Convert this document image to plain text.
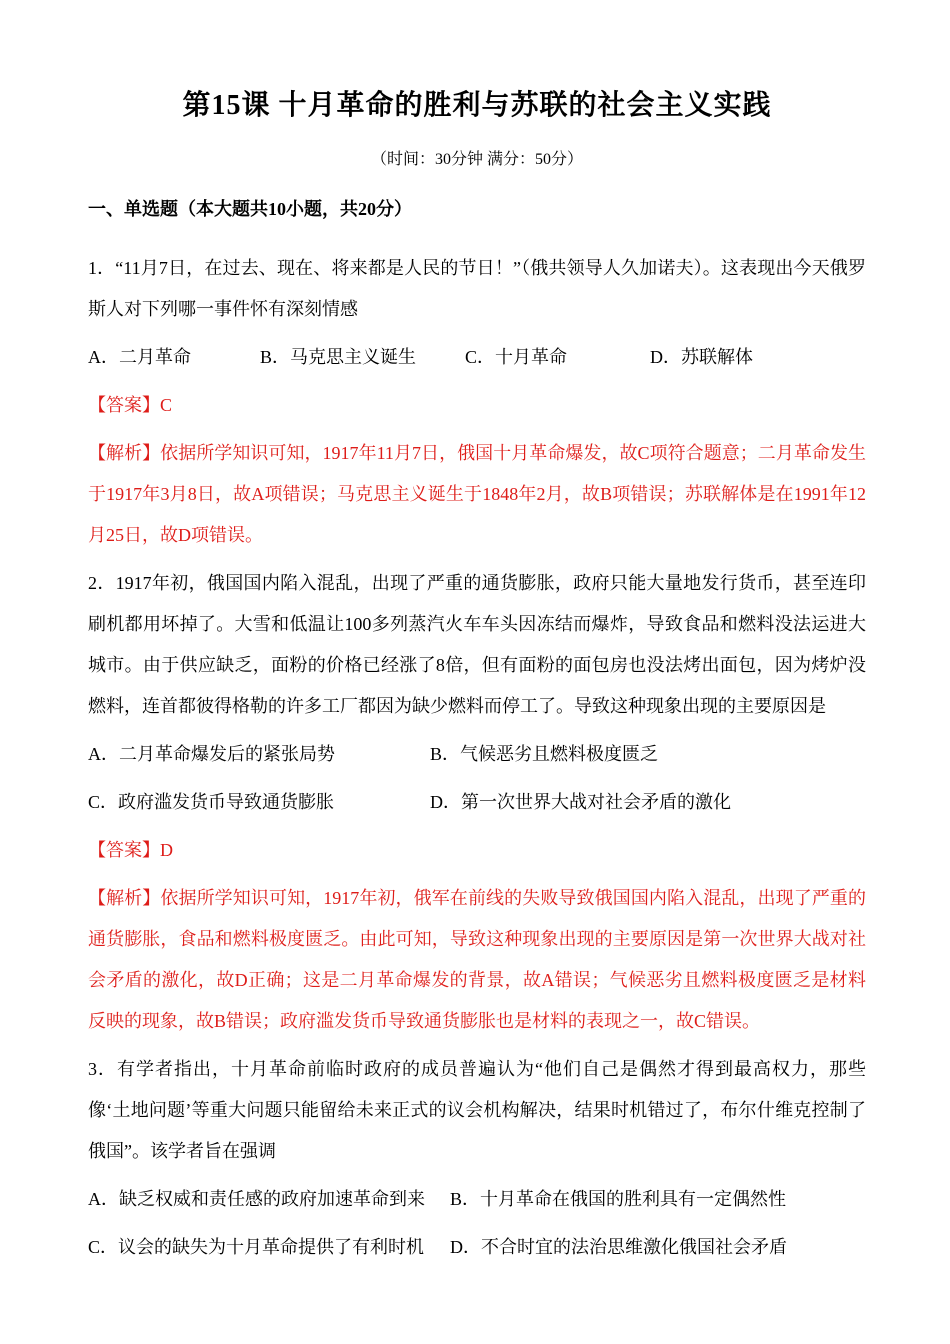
第15课 十月革命的胜利与苏联的社会主义实践

（时间：30分钟 满分：50分）

一、单选题（本大题共10小题，共20分）

1．“11月7日，在过去、现在、将来都是人民的节日！”（俄共领导人久加诺夫）。这表现出今天俄罗斯人对下列哪一事件怀有深刻情感

A．二月革命	B．马克思主义诞生	C．十月革命	D．苏联解体

【答案】C

【解析】依据所学知识可知，1917年11月7日，俄国十月革命爆发，故C项符合题意；二月革命发生于1917年3月8日，故A项错误；马克思主义诞生于1848年2月，故B项错误；苏联解体是在1991年12月25日，故D项错误。

2．1917年初，俄国国内陷入混乱，出现了严重的通货膨胀，政府只能大量地发行货币，甚至连印刷机都用坏掉了。大雪和低温让100多列蒸汽火车车头因冻结而爆炸，导致食品和燃料没法运进大城市。由于供应缺乏，面粉的价格已经涨了8倍，但有面粉的面包房也没法烤出面包，因为烤炉没燃料，连首都彼得格勒的许多工厂都因为缺少燃料而停工了。导致这种现象出现的主要原因是

A．二月革命爆发后的紧张局势	B．气候恶劣且燃料极度匮乏
C．政府滥发货币导致通货膨胀	D．第一次世界大战对社会矛盾的激化

【答案】D

【解析】依据所学知识可知，1917年初，俄军在前线的失败导致俄国国内陷入混乱，出现了严重的通货膨胀，食品和燃料极度匮乏。由此可知，导致这种现象出现的主要原因是第一次世界大战对社会矛盾的激化，故D正确；这是二月革命爆发的背景，故A错误；气候恶劣且燃料极度匮乏是材料反映的现象，故B错误；政府滥发货币导致通货膨胀也是材料的表现之一，故C错误。

3．有学者指出，十月革命前临时政府的成员普遍认为“他们自己是偶然才得到最高权力，那些像‘土地问题’等重大问题只能留给未来正式的议会机构解决，结果时机错过了，布尔什维克控制了俄国”。该学者旨在强调

A．缺乏权威和责任感的政府加速革命到来	B．十月革命在俄国的胜利具有一定偶然性
C．议会的缺失为十月革命提供了有利时机	D．不合时宜的法治思维激化俄国社会矛盾
